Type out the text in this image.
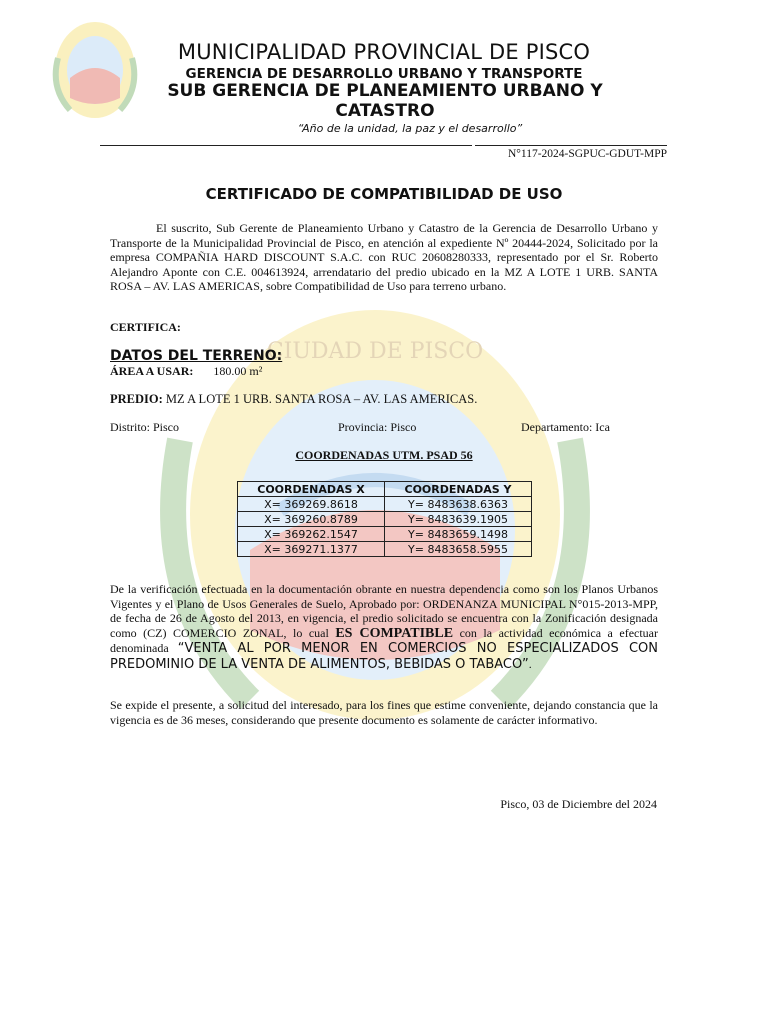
CIUDAD DE PISCO
MUNICIPALIDAD PROVINCIAL DE PISCO
GERENCIA DE DESARROLLO URBANO Y TRANSPORTE
SUB GERENCIA DE PLANEAMIENTO URBANO Y CATASTRO
“Año de la unidad, la paz y el desarrollo”
N°117-2024-SGPUC-GDUT-MPP
CERTIFICADO DE COMPATIBILIDAD DE USO
El suscrito, Sub Gerente de Planeamiento Urbano y Catastro de la Gerencia de Desarrollo Urbano y Transporte de la Municipalidad Provincial de Pisco, en atención al expediente Nº 20444-2024, Solicitado por la empresa COMPAÑIA HARD DISCOUNT S.A.C. con RUC 20608280333, representado por el Sr. Roberto Alejandro Aponte con C.E. 004613924, arrendatario del predio ubicado en la MZ A LOTE 1 URB. SANTA ROSA – AV. LAS AMERICAS, sobre Compatibilidad de Uso para terreno urbano.
CERTIFICA:
DATOS DEL TERRENO:
ÁREA A USAR: 180.00 m²
PREDIO: MZ A LOTE 1 URB. SANTA ROSA – AV. LAS AMERICAS.
Distrito: Pisco	Provincia: Pisco	Departamento: Ica
COORDENADAS UTM. PSAD 56
COORDENADAS X	COORDENADAS Y
X= 369269.8618	Y= 8483638.6363
X= 369260.8789	Y= 8483639.1905
X= 369262.1547	Y= 8483659.1498
X= 369271.1377	Y= 8483658.5955
De la verificación efectuada en la documentación obrante en nuestra dependencia como son los Planos Urbanos Vigentes y el Plano de Usos Generales de Suelo, Aprobado por: ORDENANZA MUNICIPAL N°015-2013-MPP, de fecha de 26 de Agosto del 2013, en vigencia, el predio solicitado se encuentra con la Zonificación designada como (CZ) COMERCIO ZONAL, lo cual ES COMPATIBLE con la actividad económica a efectuar denominada “VENTA AL POR MENOR EN COMERCIOS NO ESPECIALIZADOS CON PREDOMINIO DE LA VENTA DE ALIMENTOS, BEBIDAS O TABACO”.
Se expide el presente, a solicitud del interesado, para los fines que estime conveniente, dejando constancia que la vigencia es de 36 meses, considerando que presente documento es solamente de carácter informativo.
Pisco, 03 de Diciembre del 2024
